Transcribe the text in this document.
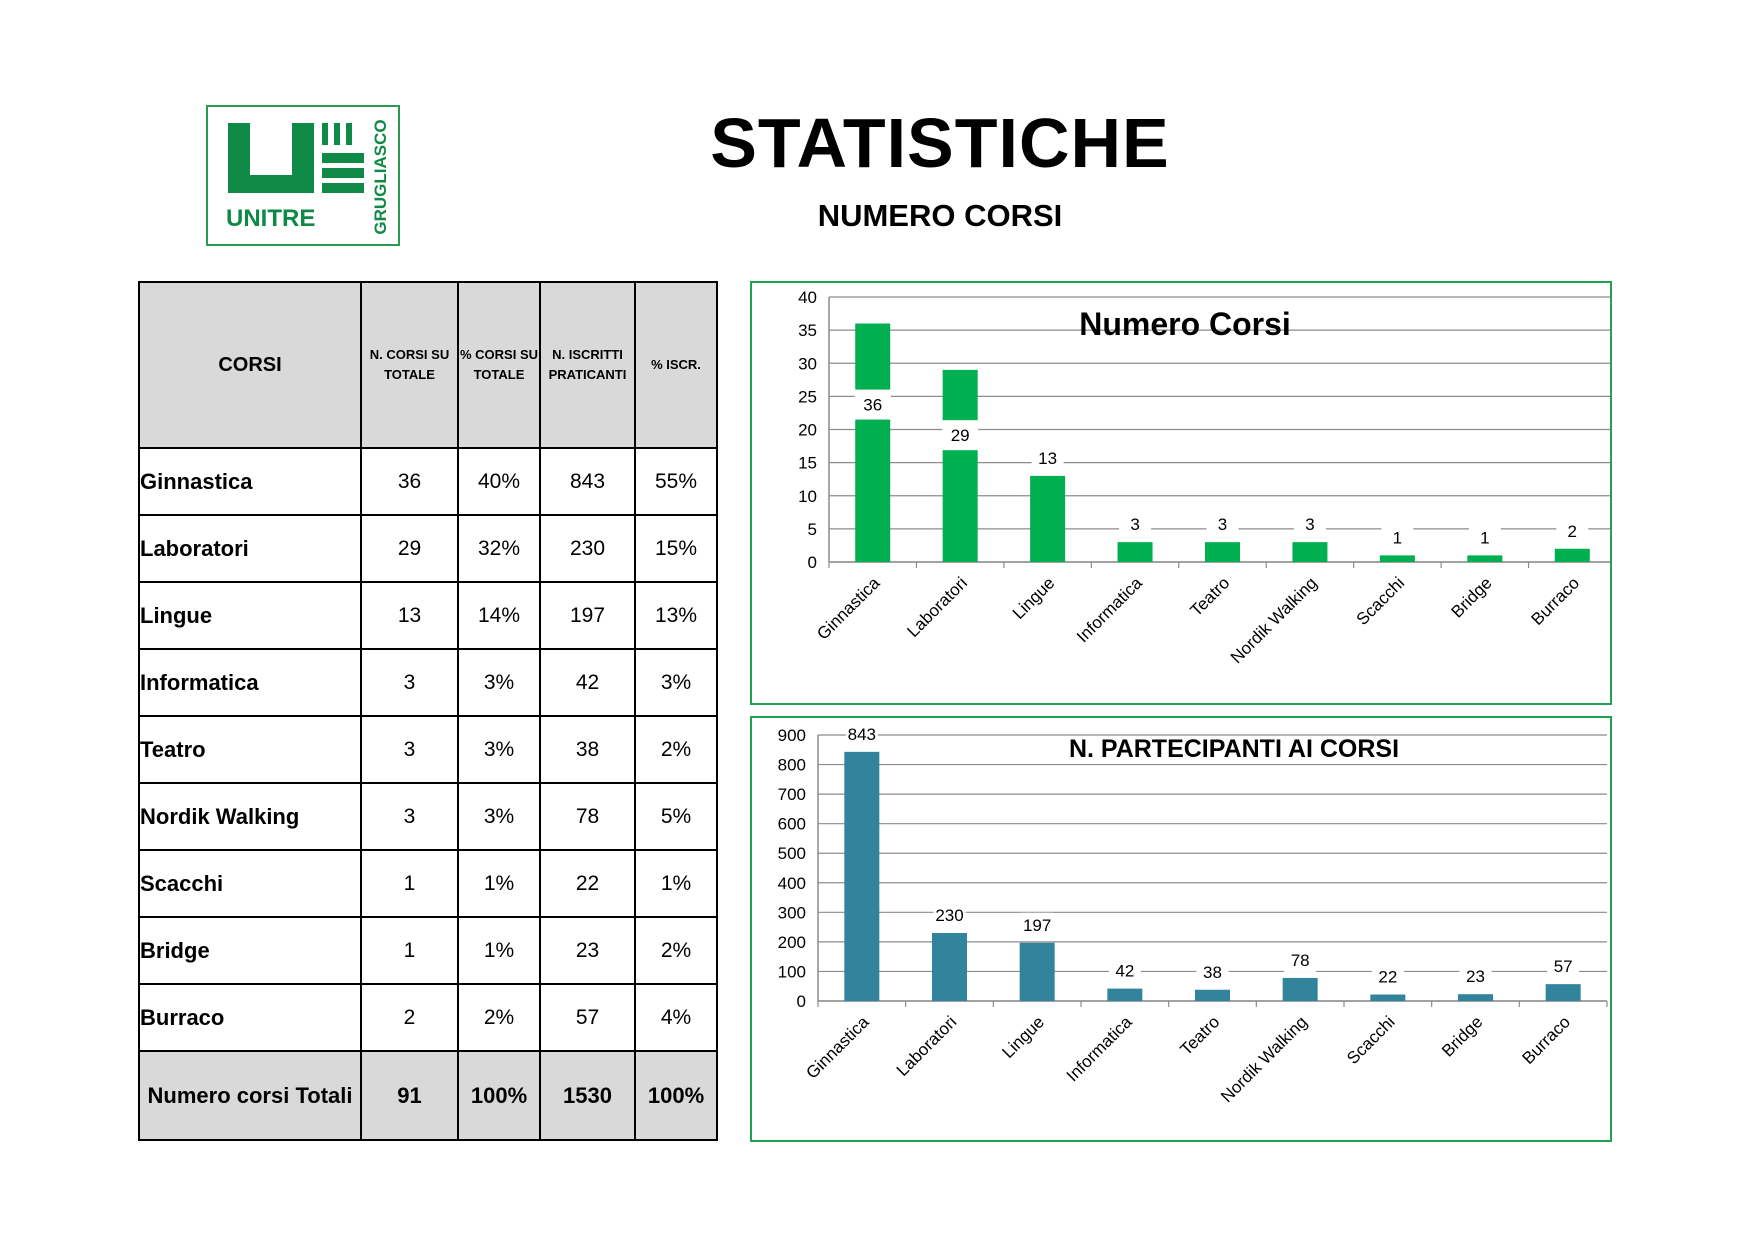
UNITRE	GRUGLIASCO	STATISTICHE
NUMERO CORSI
CORSI	N. CORSI SU TOTALE	% CORSI SU TOTALE	N. ISCRITTI PRATICANTI	% ISCR.
Ginnastica	36	40%	843	55%
Laboratori	29	32%	230	15%
Lingue	13	14%	197	13%
Informatica	3	3%	42	3%
Teatro	3	3%	38	2%
Nordik Walking	3	3%	78	5%
Scacchi	1	1%	22	1%
Bridge	1	1%	23	2%
Burraco	2	2%	57	4%
Numero corsi Totali	91	100%	1530	100%
0
5
10
15
20
25
30
35
40
Numero Corsi
36
Ginnastica
29
Laboratori
13
Lingue
3
Informatica
3
Teatro
3
Nordik Walking
1
Scacchi
1
Bridge
2
Burraco
0
100
200
300
400
500
600
700
800
900	N. PARTECIPANTI AI CORSI
843
Ginnastica
230
Laboratori
197
Lingue
42
Informatica
38
Teatro
78
Nordik Walking
22
Scacchi
23
Bridge
57
Burraco
